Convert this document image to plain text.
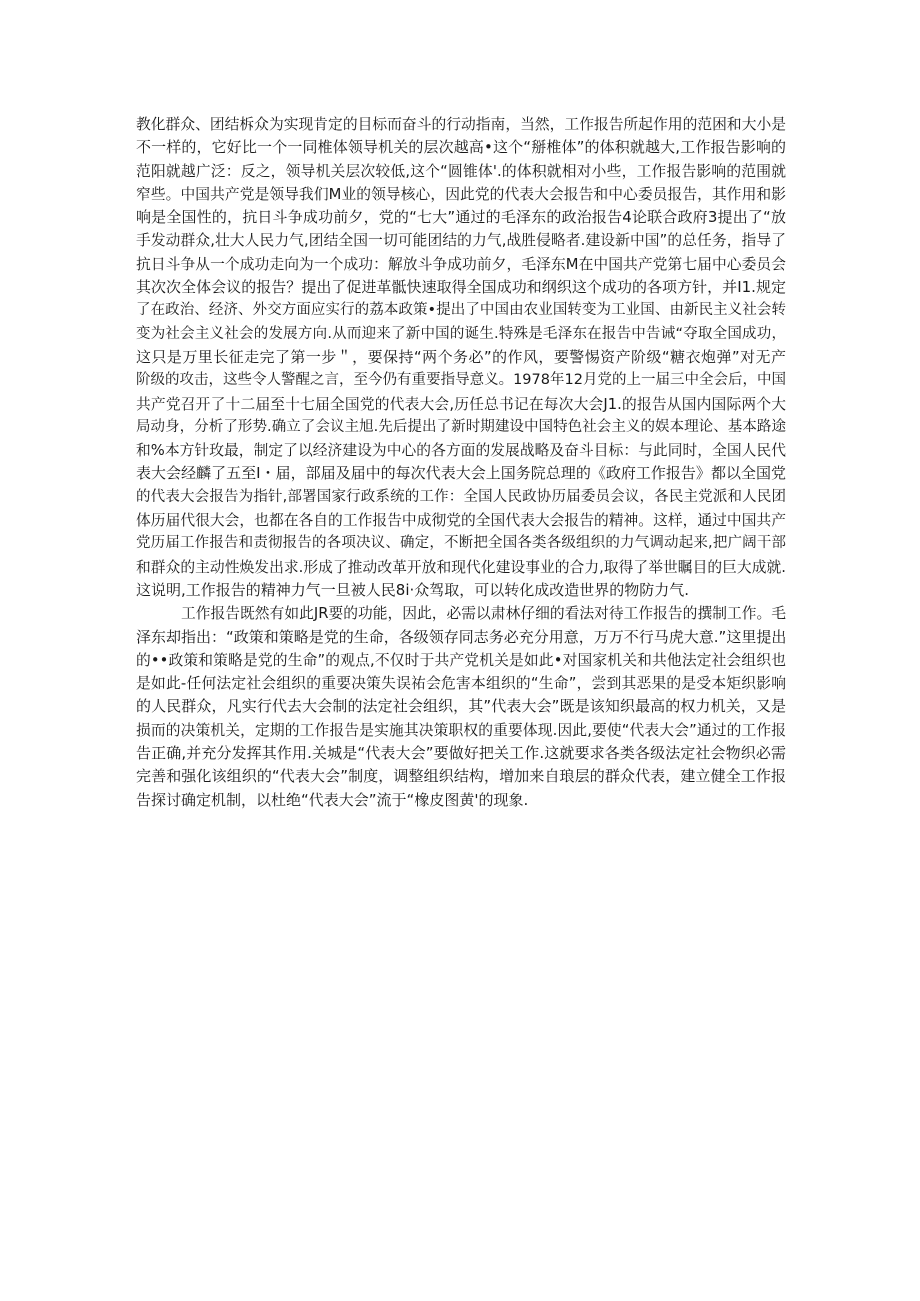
教化群众、团结柝众为实现肯定的目标而奋斗的行动指南，当然，工作报告所起作用的范困和大小是
不一样的，它好比一个一同椎体领导机关的层次越高•这个“掰椎体”的体积就越大,工作报告影响的
范阳就越广泛：反之，领导机关层次较低,这个“圆锥体'.的体积就相对小些，工作报告影响的范围就
窄些。中国共产党是领导我们M业的领导核心，因此党的代表大会报告和中心委员报告，其作用和影
响是全国性的，抗日斗争成功前夕，党的“七大”通过的毛泽东的政治报告4论联合政府3提出了“放
手发动群众,壮大人民力气,团结全国一切可能团结的力气,战胜侵略者.建设新中国”的总任务，指导了
抗日斗争从一个成功走向为一个成功：解放斗争成功前夕，毛泽东M在中国共产党第七届中心委员会
其次次全体会议的报告？提出了促进革骶快速取得全国成功和纲织这个成功的各项方针，并I1.规定
了在政治、经济、外交方面应实行的荔本政策•提出了中国由农业国转变为工业国、由新民主义社会转
变为社会主义社会的发展方向.从而迎来了新中国的诞生.特殊是毛泽东在报告中告诫“夺取全国成功，
这只是万里长征走完了第一步＂，要保持“两个务必”的作风，要警惕资产阶级“糖衣炮弹”对无产
阶级的攻击，这些令人警醒之言，至今仍有重要指导意义。1978年12月党的上一届三中全会后，中国
共产党召开了十二届至十七届全国党的代表大会,历任总书记在每次大会J1.的报告从国内国际两个大
局动身，分析了形势.确立了会议主旭.先后提出了新时期建设中国特色社会主义的娱本理论、基本路途
和%本方针玫最，制定了以经济建设为中心的各方面的发展战略及奋斗目标：与此同时，全国人民代
表大会经麟了五至I・届，部届及届中的每次代表大会上国务院总理的《政府工作报告》都以全国党
的代表大会报告为指针,部署国家行政系统的工作：全国人民政协历届委员会议，各民主党派和人民团
体历届代很大会，也都在各自的工作报告中成彻党的全国代表大会报告的精神。这样，通过中国共产
党历届工作报告和责彻报告的各项决议、确定，不断把全国各类各级组织的力气调动起来,把广阔干部
和群众的主动性焕发出求.形成了推动改革开放和现代化建设事业的合力,取得了举世瞩目的巨大成就.
这说明,工作报告的精神力气一旦被人民8i·众驾取，可以转化成改造世界的物防力气.
工作报告既然有如此JR要的功能，因此，必需以肃林仔细的看法对待工作报告的撰制工作。毛
泽东却指出：“政策和策略是党的生命，各级领存同志务必充分用意，万万不行马虎大意.”这里提出
的••政策和策略是党的生命”的观点,不仅时于共产党机关是如此•对国家机关和共他法定社会组织也
是如此-任何法定社会组织的重要决策失误祐会危害本组织的“生命”，尝到其恶果的是受本矩织影响
的人民群众，凡实行代去大会制的法定社会组织，其”代表大会”既是该知织最高的权力机关，又是
损而的决策机关，定期的工作报告是实施其决策职权的重要体现.因此,要使“代表大会”通过的工作报
告正确,并充分发挥其作用.关城是“代表大会”要做好把关工作.这就要求各类各级法定社会物织必需
完善和强化该组织的“代表大会”制度，调整组织结构，增加来自琅层的群众代表，建立健全工作报
告探讨确定机制，以杜绝“代表大会”流于“橡皮图黄'的现象.
